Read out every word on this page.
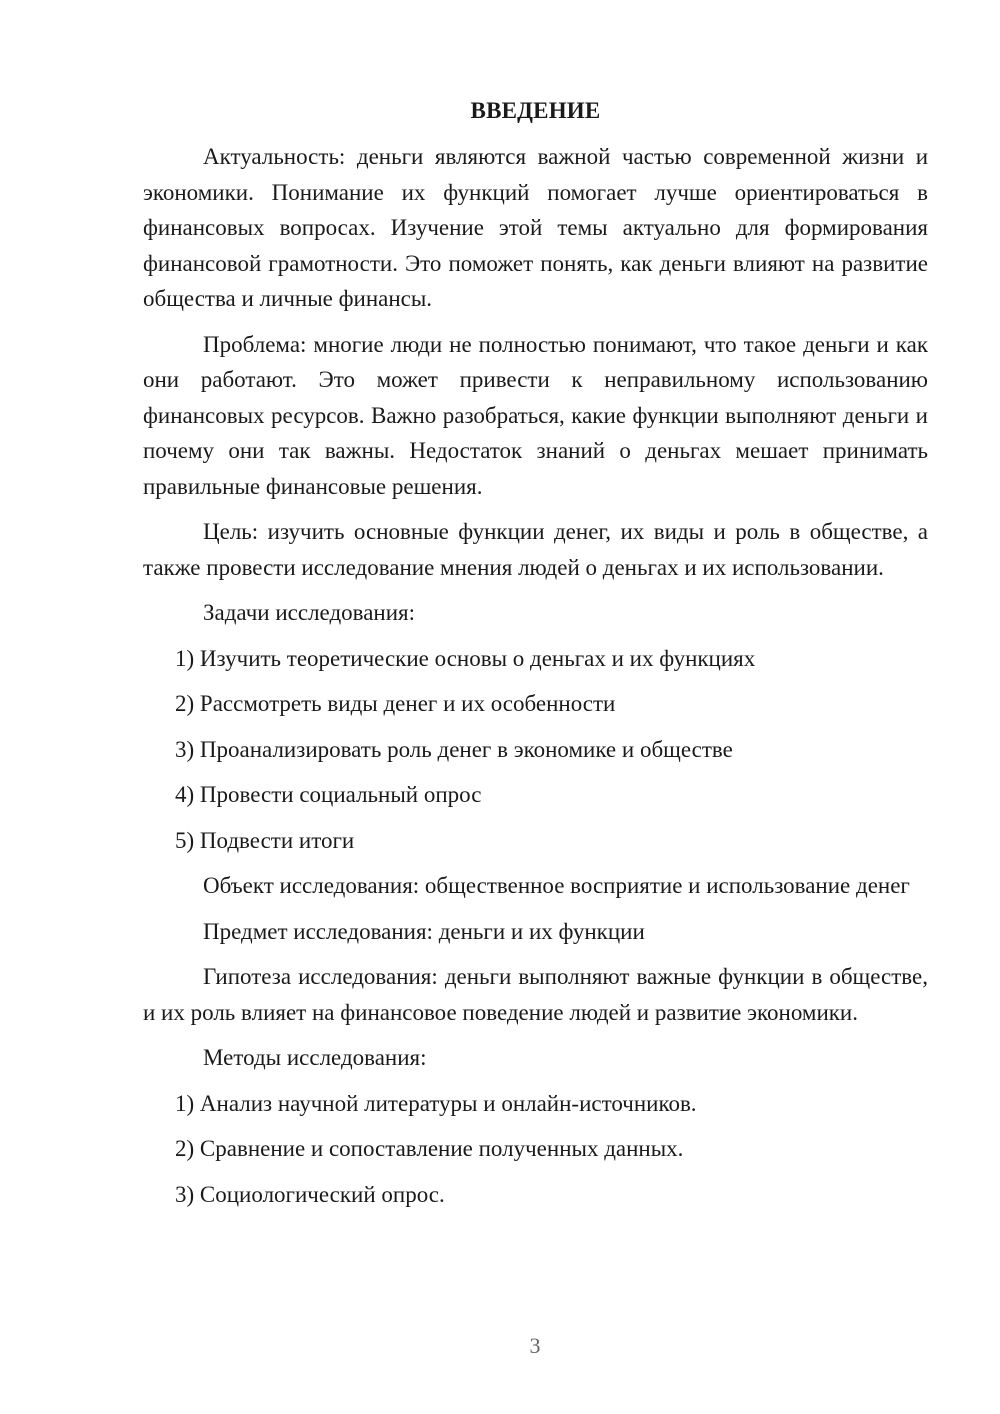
ВВЕДЕНИЕ

Актуальность: деньги являются важной частью современной жизни и экономики. Понимание их функций помогает лучше ориентироваться в финансовых вопросах. Изучение этой темы актуально для формирования финансовой грамотности. Это поможет понять, как деньги влияют на развитие общества и личные финансы.

Проблема: многие люди не полностью понимают, что такое деньги и как они работают. Это может привести к неправильному использованию финансовых ресурсов. Важно разобраться, какие функции выполняют деньги и почему они так важны. Недостаток знаний о деньгах мешает принимать правильные финансовые решения.

Цель: изучить основные функции денег, их виды и роль в обществе, а также провести исследование мнения людей о деньгах и их использовании.

Задачи исследования:

1) Изучить теоретические основы о деньгах и их функциях

2) Рассмотреть виды денег и их особенности

3) Проанализировать роль денег в экономике и обществе

4) Провести социальный опрос

5) Подвести итоги

Объект исследования: общественное восприятие и использование денег

Предмет исследования: деньги и их функции

Гипотеза исследования: деньги выполняют важные функции в обществе, и их роль влияет на финансовое поведение людей и развитие экономики.

Методы исследования:

1) Анализ научной литературы и онлайн-источников.

2) Сравнение и сопоставление полученных данных.

3) Социологический опрос.

3
